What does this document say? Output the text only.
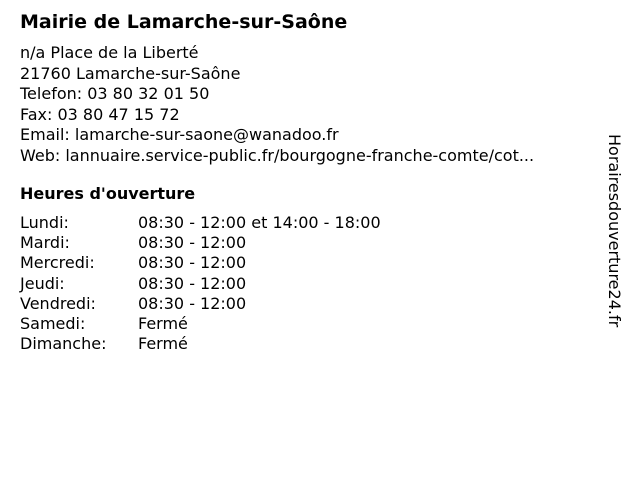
Mairie de Lamarche-sur-Saône
n/a Place de la Liberté
21760 Lamarche-sur-Saône
Telefon: 03 80 32 01 50
Fax: 03 80 47 15 72
Email: lamarche-sur-saone@wanadoo.fr
Web: lannuaire.service-public.fr/bourgogne-franche-comte/cot...
Heures d'ouverture
Lundi:	08:30 - 12:00 et 14:00 - 18:00
Mardi:	08:30 - 12:00
Mercredi:	08:30 - 12:00
Jeudi:	08:30 - 12:00
Vendredi:	08:30 - 12:00
Samedi:	Fermé
Dimanche: Fermé
Horairesdouverture24.fr
